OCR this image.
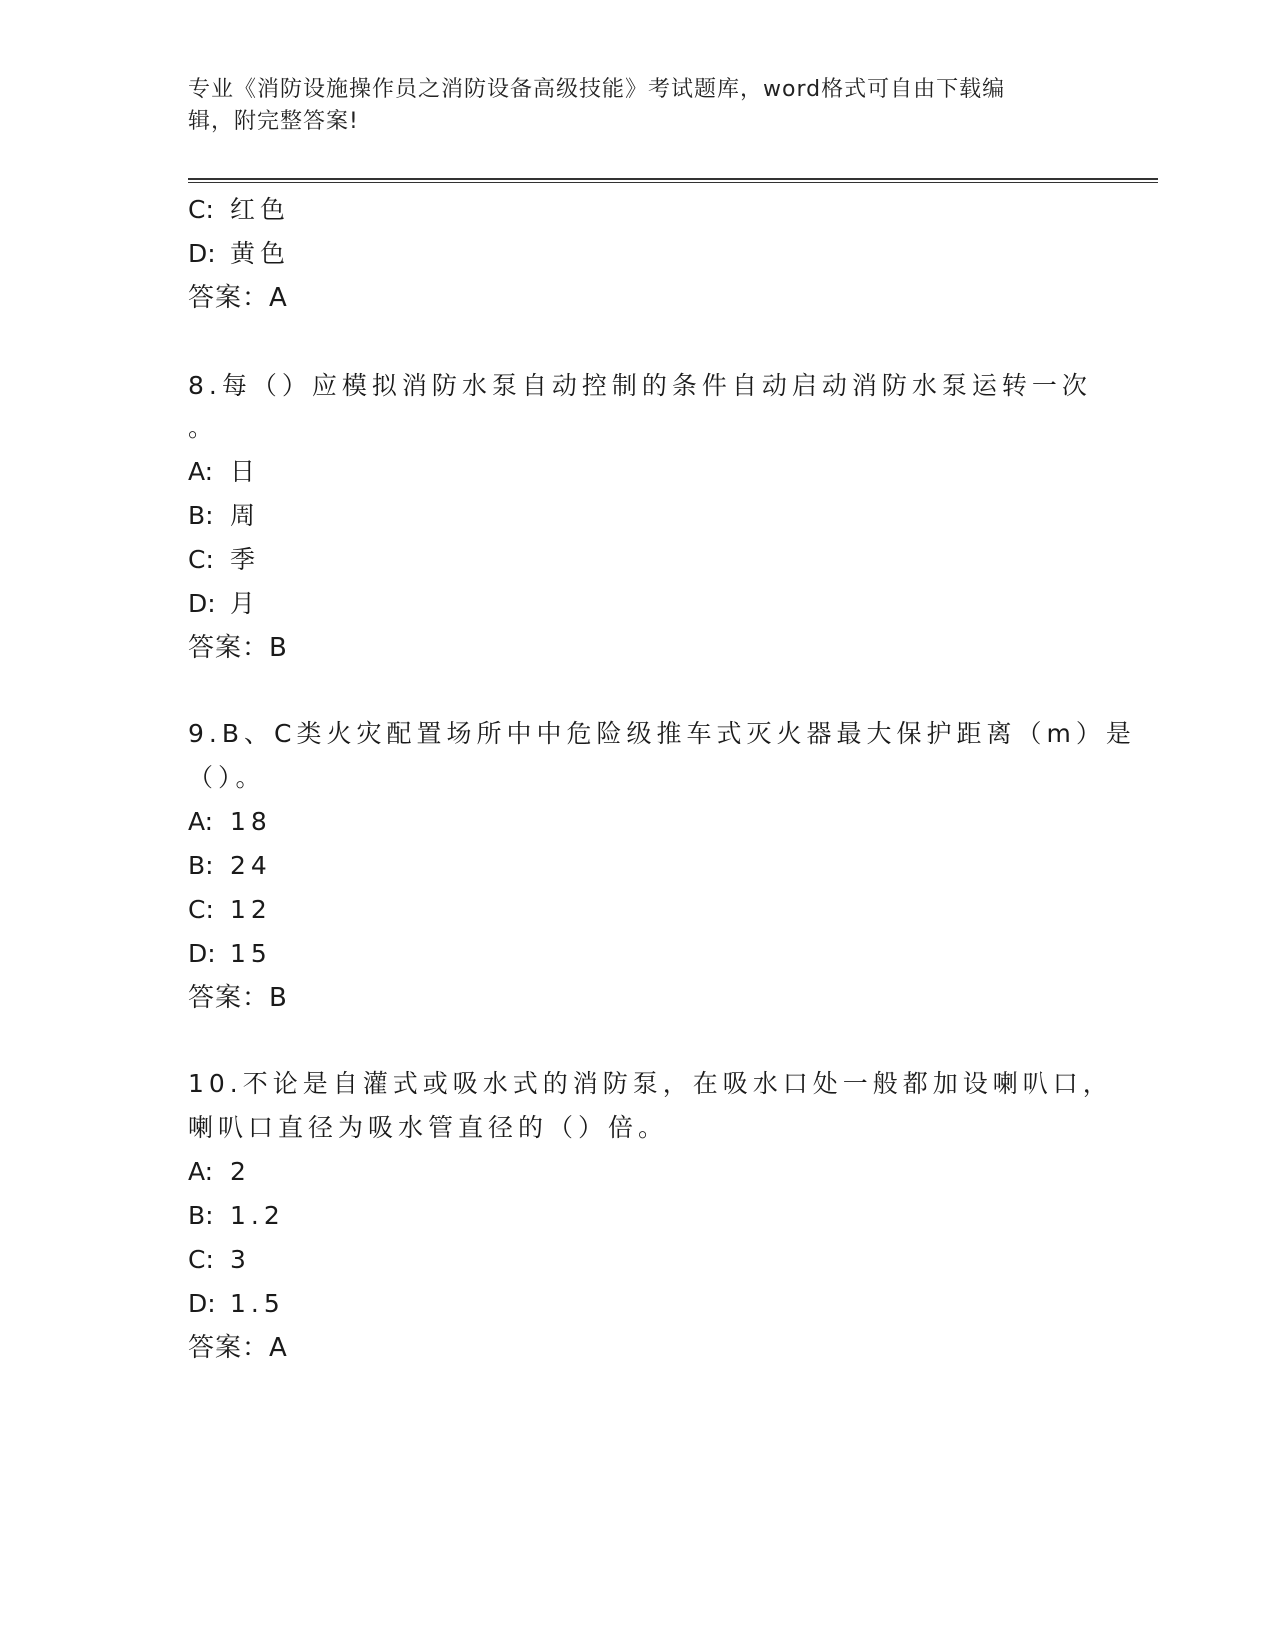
专业《消防设施操作员之消防设备高级技能》考试题库，word格式可自由下载编
辑，附完整答案!
C: 红色
D: 黄色
答案：A
8.每（）应模拟消防水泵自动控制的条件自动启动消防水泵运转一次
。
A: 日
B: 周
C: 季
D: 月
答案：B
9.B、C类火灾配置场所中中危险级推车式灭火器最大保护距离（m）是
（）。
A: 18
B: 24
C: 12
D: 15
答案：B
10.不论是自灌式或吸水式的消防泵，在吸水口处一般都加设喇叭口，
喇叭口直径为吸水管直径的（）倍。
A: 2
B: 1.2
C: 3
D: 1.5
答案：A
